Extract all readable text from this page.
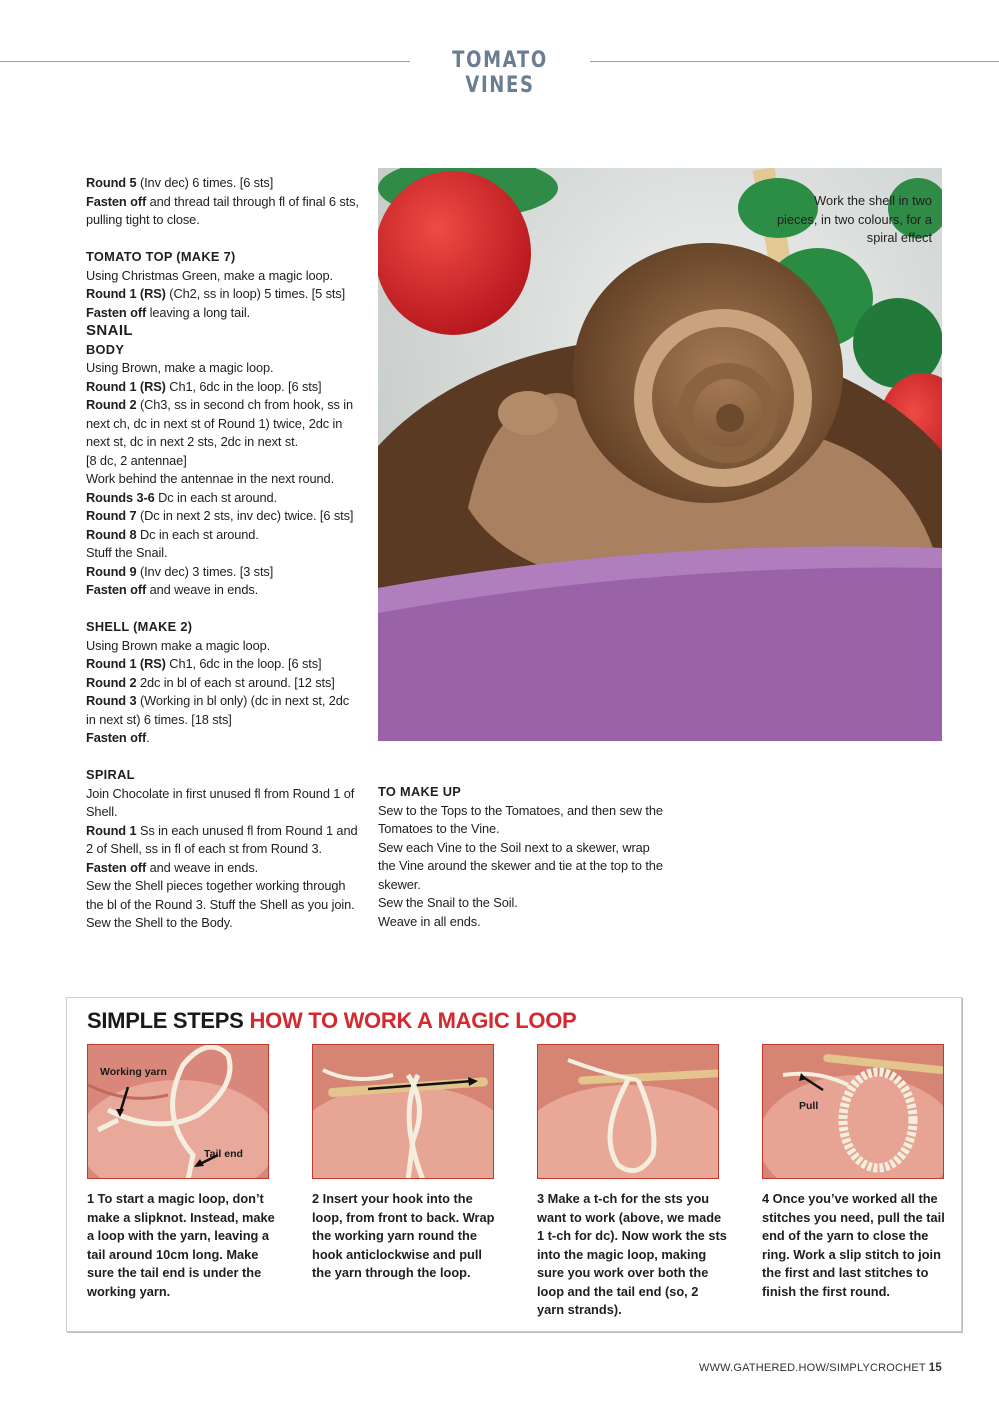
TOMATO VINES

Round 5 (Inv dec) 6 times. [6 sts]

Fasten off and thread tail through fl of final 6 sts, pulling tight to close.

TOMATO TOP (MAKE 7)

Using Christmas Green, make a magic loop.

Round 1 (RS) (Ch2, ss in loop) 5 times. [5 sts]

Fasten off leaving a long tail.

SNAIL

BODY

Using Brown, make a magic loop.

Round 1 (RS) Ch1, 6dc in the loop. [6 sts]

Round 2 (Ch3, ss in second ch from hook, ss in next ch, dc in next st of Round 1) twice, 2dc in next st, dc in next 2 sts, 2dc in next st.

[8 dc, 2 antennae]

Work behind the antennae in the next round.

Rounds 3-6 Dc in each st around.

Round 7 (Dc in next 2 sts, inv dec) twice. [6 sts]

Round 8 Dc in each st around.

Stuff the Snail.

Round 9 (Inv dec) 3 times. [3 sts]

Fasten off and weave in ends.

SHELL (MAKE 2)

Using Brown make a magic loop.

Round 1 (RS) Ch1, 6dc in the loop. [6 sts]

Round 2 2dc in bl of each st around. [12 sts]

Round 3 (Working in bl only) (dc in next st, 2dc in next st) 6 times. [18 sts]

Fasten off.

SPIRAL

Join Chocolate in first unused fl from Round 1 of Shell.

Round 1 Ss in each unused fl from Round 1 and 2 of Shell, ss in fl of each st from Round 3.

Fasten off and weave in ends.

Sew the Shell pieces together working through the bl of the Round 3. Stuff the Shell as you join.

Sew the Shell to the Body.

Work the shell in two pieces, in two colours, for a spiral effect

TO MAKE UP

Sew to the Tops to the Tomatoes, and then sew the Tomatoes to the Vine.

Sew each Vine to the Soil next to a skewer, wrap the Vine around the skewer and tie at the top to the skewer.

Sew the Snail to the Soil.

Weave in all ends.

SIMPLE STEPS HOW TO WORK A MAGIC LOOP
Working yarn
Tail end
1 To start a magic loop, don’t make a slipknot. Instead, make a loop with the yarn, leaving a tail around 10cm long. Make sure the tail end is under the working yarn.
2 Insert your hook into the loop, from front to back. Wrap the working yarn round the hook anticlockwise and pull the yarn through the loop.
3 Make a t-ch for the sts you want to work (above, we made 1 t-ch for dc). Now work the sts into the magic loop, making sure you work over both the loop and the tail end (so, 2 yarn strands).
Pull
4 Once you’ve worked all the stitches you need, pull the tail end of the yarn to close the ring. Work a slip stitch to join the first and last stitches to finish the first round.
WWW.GATHERED.HOW/SIMPLYCROCHET 15
